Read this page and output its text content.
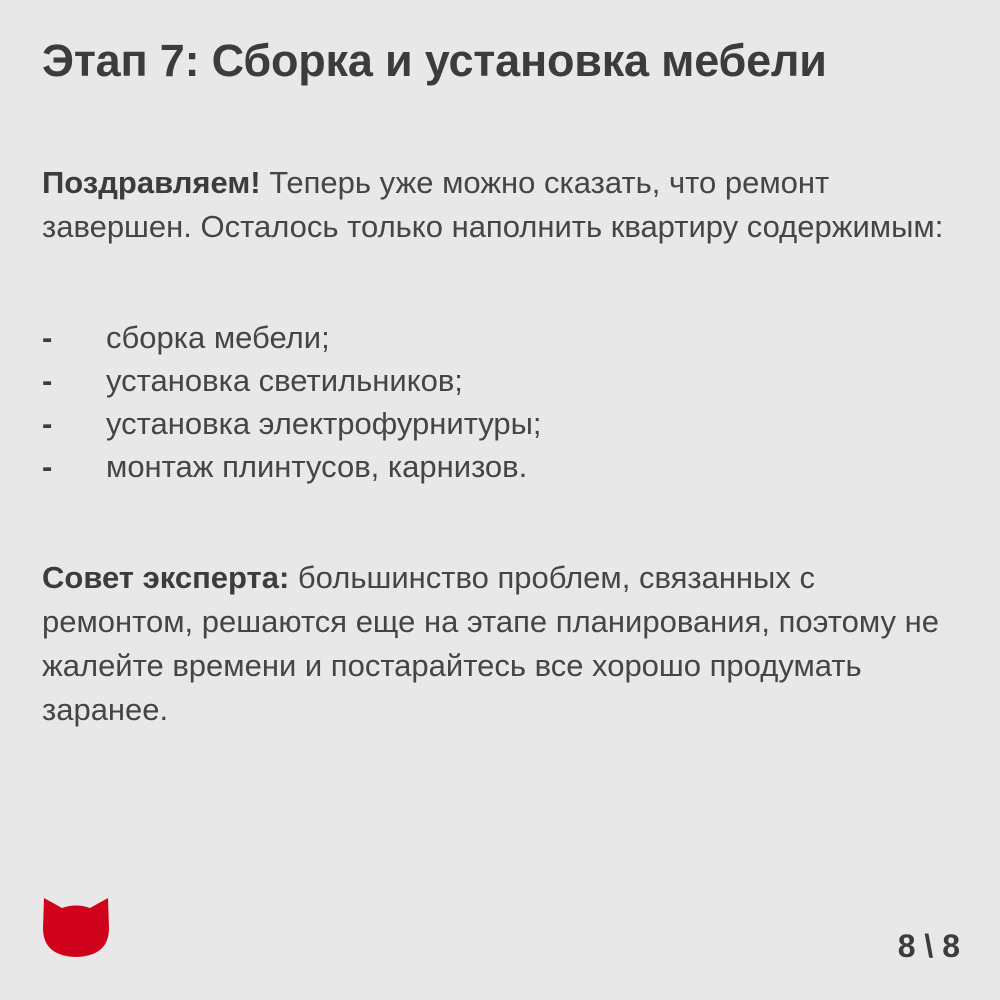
Этап 7: Сборка и установка мебели

Поздравляем! Теперь уже можно сказать, что ремонт завершен. Осталось только наполнить квартиру содержимым:

- сборка мебели;
- установка светильников;
- установка электрофурнитуры;
- монтаж плинтусов, карнизов.

Совет эксперта: большинство проблем, связанных с ремонтом, решаются еще на этапе планирования, поэтому не жалейте времени и постарайтесь все хорошо продумать заранее.

8 \ 8
